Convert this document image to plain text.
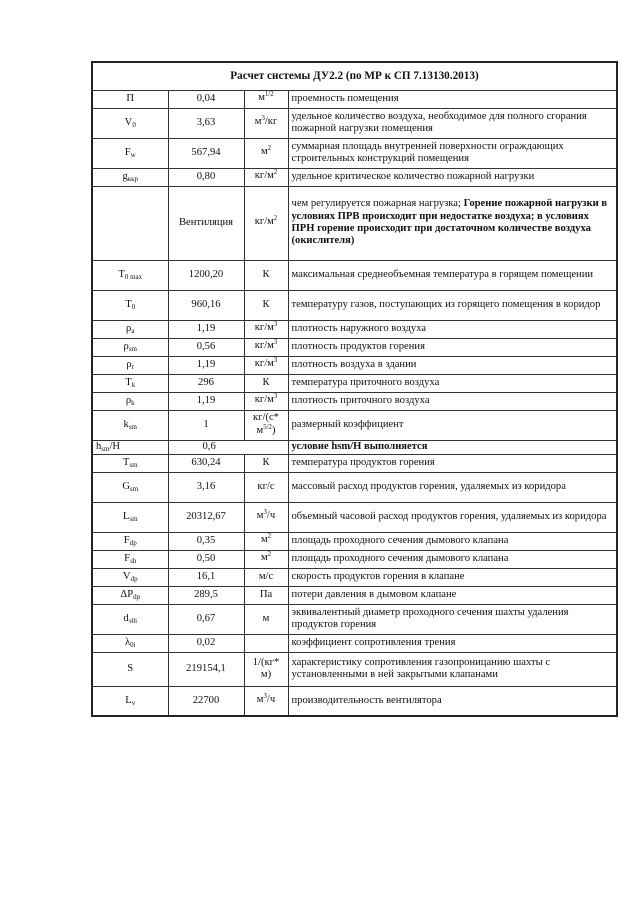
Расчет системы ДУ2.2 (по МР к СП 7.13130.2013)			
П	0,04	$м^{1/2}$	проемность помещения
$V_0$	3,63	$м^3/кг$	удельное количество воздуха, необходимое для полного сгорания пожарной нагрузки помещения
$F_w$	567,94	$м^2$	суммарная площадь внутренней поверхности ограждающих строительных конструкций помещения
$g_{ккр}$	0,80	$кг/м^2$	удельное критическое количество пожарной нагрузки
	Вентиляция	$кг/м^2$	чем регулируется пожарная нагрузка; Горение пожарной нагрузки в условиях ПРВ происходит при недостатке воздуха; в условиях ПРН горение происходит при достаточном количестве воздуха (окислителя)
$T_{0 max}$	1200,20	К	максимальная среднеобъемная температура в горящем помещении
$T_0$	960,16	К	температуру газов, поступающих из горящего помещения в коридор
$\rho_a$	1,19	$кг/м^3$	плотность наружного воздуха
$\rho_{sm}$	0,56	$кг/м^3$	плотность продуктов горения
$\rho_r$	1,19	$кг/м^3$	плотность воздуха в здании
$T_k$	296	К	температура приточного воздуха
$\rho_k$	1,19	$кг/м^3$	плотность приточного воздуха
$k_{sm}$	1	кг/(с* $м^{5/2}$)	размерный коэффициент
$h_{sm}/H$	0,6		условие hsm/H выполняется
$T_{sm}$	630,24	К	температура продуктов горения
$G_{sm}$	3,16	кг/с	массовый расход продуктов горения, удаляемых из коридора
$L_{sm}$	20312,67	$м^3/ч$	объемный часовой расход продуктов горения, удаляемых из коридора
$F_{dp}$	0,35	$м^2$	площадь проходного сечения дымового клапана
$F_{sh}$	0,50	$м^2$	площадь проходного сечения дымового клапана
$V_{dp}$	16,1	м/с	скорость продуктов горения в клапане
$\Delta P_{dp}$	289,5	Па	потери давления в дымовом клапане
$d_{э0i}$	0,67	м	эквивалентный диаметр проходного сечения шахты удаления продуктов горения
$\lambda_{0i}$	0,02		коэффициент сопротивления трения
S	219154,1	1/(кг* м)	характеристику сопротивления газопроницанию шахты с установленными в ней закрытыми клапанами
$L_v$	22700	$м^3/ч$	производительность вентилятора
